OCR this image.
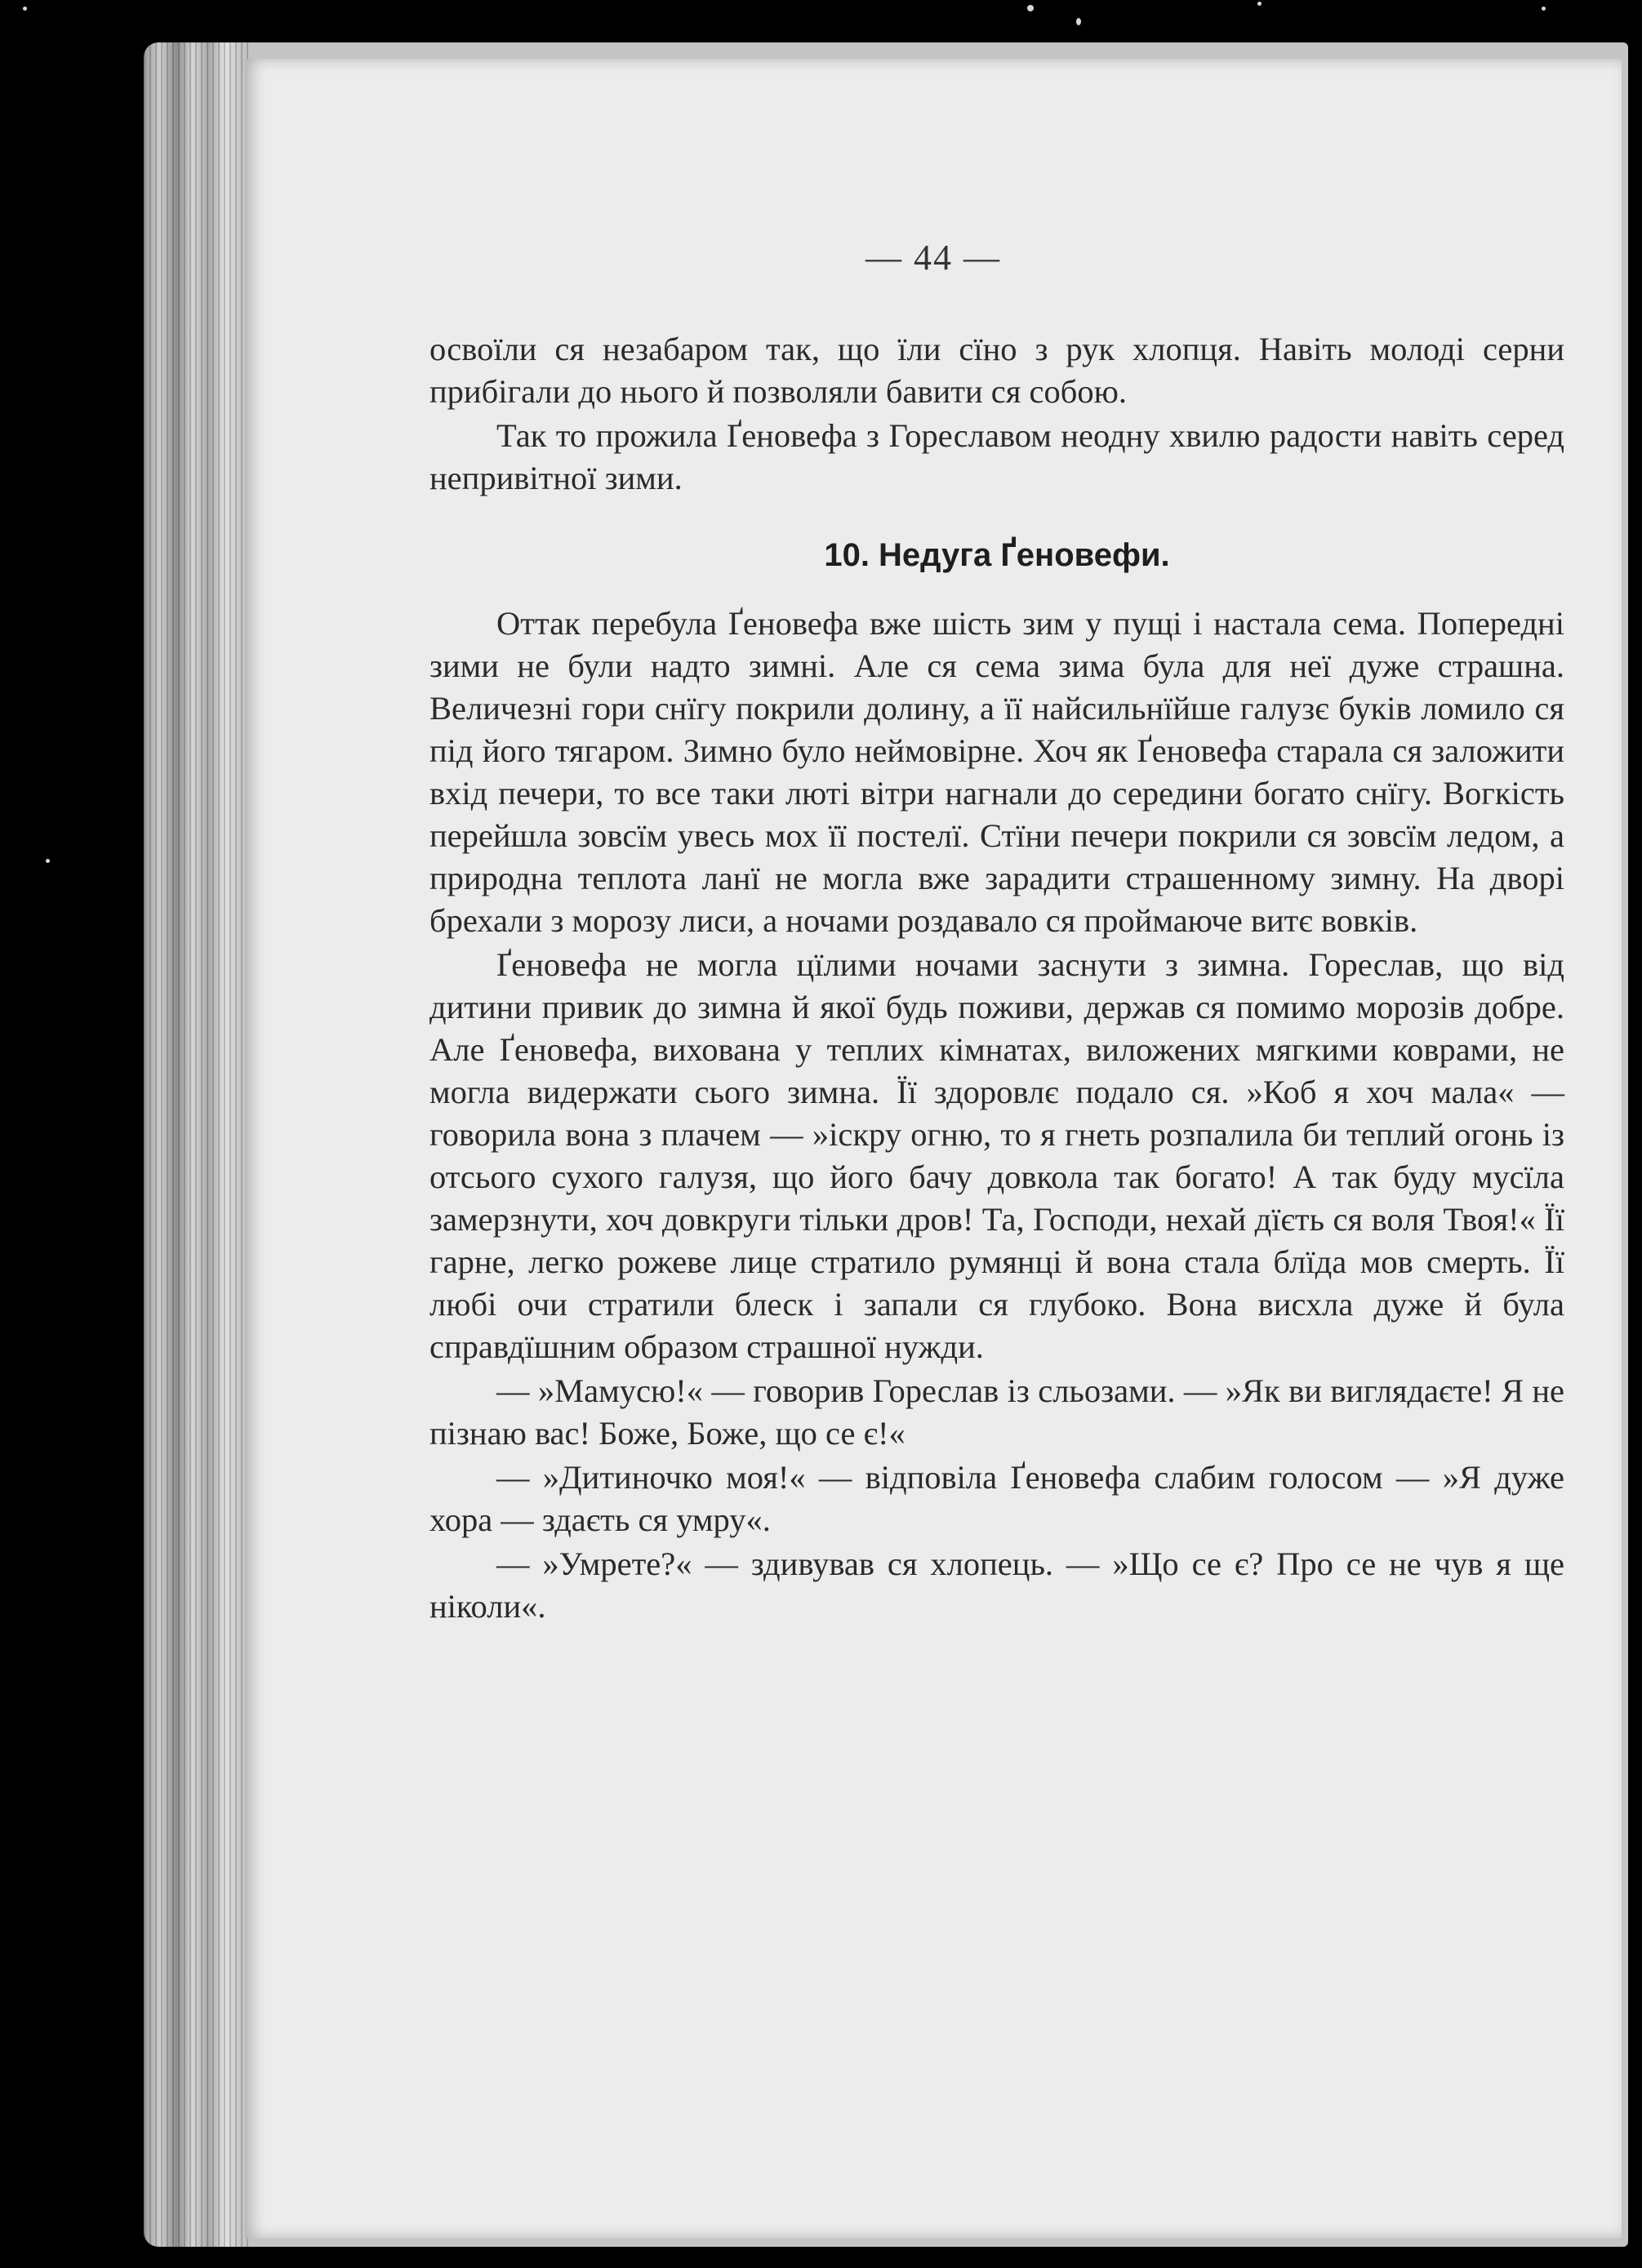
— 44 —

освоїли ся незабаром так, що їли сїно з рук хлопця. Навіть молоді серни прибігали до нього й позволяли бавити ся собою.

Так то прожила Ґеновефа з Гореславом неодну хвилю радости навіть серед непривітної зими.

10. Недуга Ґеновефи.

Оттак перебула Ґеновефа вже шість зим у пущі і настала сема. Попередні зими не були надто зимні. Але ся сема зима була для неї дуже страшна. Величезні гори снїгу покрили долину, а її найсильнїйше галузє буків ломило ся під його тягаром. Зимно було неймовірне. Хоч як Ґеновефа старала ся заложити вхід печери, то все таки люті вітри нагнали до середини богато снїгу. Вогкість перейшла зовсїм увесь мох її постелї. Стїни печери покрили ся зовсїм ледом, а природна теплота ланї не могла вже зарадити страшенному зимну. На дворі брехали з морозу лиси, а ночами роздавало ся проймаюче витє вовків.

Ґеновефа не могла цїлими ночами заснути з зимна. Гореслав, що від дитини привик до зимна й якої будь поживи, держав ся помимо морозів добре. Але Ґеновефа, вихована у теплих кімнатах, виложених мягкими коврами, не могла видержати сього зимна. Її здоровлє подало ся. »Коб я хоч мала« — говорила вона з плачем — »іскру огню, то я гнеть розпалила би теплий огонь із отсього сухого галузя, що його бачу довкола так богато! А так буду мусїла замерзнути, хоч довкруги тільки дров! Та, Господи, нехай дїєть ся воля Твоя!« Її гарне, легко рожеве лице стратило румянці й вона стала блїда мов смерть. Її любі очи стратили блеск і запали ся глубоко. Вона висхла дуже й була справдїшним образом страшної нужди.

— »Мамусю!« — говорив Гореслав із сльозами. — »Як ви виглядаєте! Я не пізнаю вас! Боже, Боже, що се є!«

— »Дитиночко моя!« — відповіла Ґеновефа слабим голосом — »Я дуже хора — здаєть ся умру«.

— »Умрете?« — здивував ся хлопець. — »Що се є? Про се не чув я ще ніколи«.
